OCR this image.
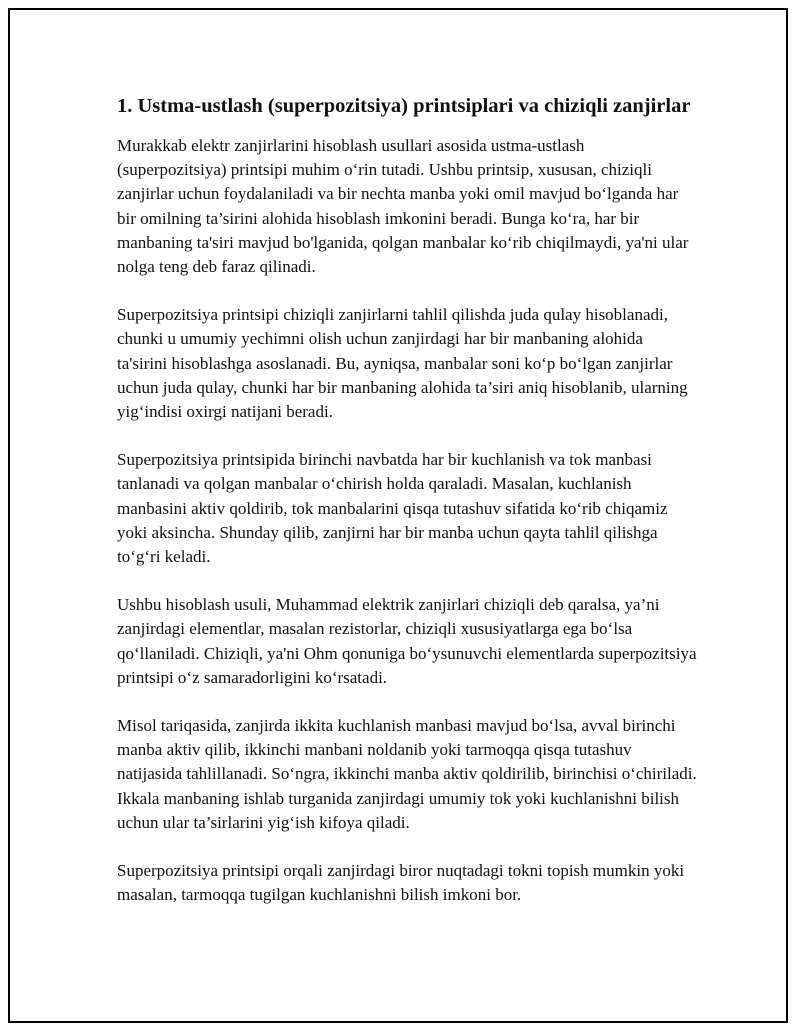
1. Ustma-ustlash (superpozitsiya) printsiplari va chiziqli zanjirlar

Murakkab elektr zanjirlarini hisoblash usullari asosida ustma-ustlash (superpozitsiya) printsipi muhim o‘rin tutadi. Ushbu printsip, xususan, chiziqli zanjirlar uchun foydalaniladi va bir nechta manba yoki omil mavjud bo‘lganda har bir omilning ta’sirini alohida hisoblash imkonini beradi. Bunga ko‘ra, har bir manbaning ta'siri mavjud bo'lganida, qolgan manbalar ko‘rib chiqilmaydi, ya'ni ular nolga teng deb faraz qilinadi.

Superpozitsiya printsipi chiziqli zanjirlarni tahlil qilishda juda qulay hisoblanadi, chunki u umumiy yechimni olish uchun zanjirdagi har bir manbaning alohida ta'sirini hisoblashga asoslanadi. Bu, ayniqsa, manbalar soni ko‘p bo‘lgan zanjirlar uchun juda qulay, chunki har bir manbaning alohida ta’siri aniq hisoblanib, ularning yig‘indisi oxirgi natijani beradi.

Superpozitsiya printsipida birinchi navbatda har bir kuchlanish va tok manbasi tanlanadi va qolgan manbalar o‘chirish holda qaraladi. Masalan, kuchlanish manbasini aktiv qoldirib, tok manbalarini qisqa tutashuv sifatida ko‘rib chiqamiz yoki aksincha. Shunday qilib, zanjirni har bir manba uchun qayta tahlil qilishga to‘g‘ri keladi.

Ushbu hisoblash usuli, Muhammad elektrik zanjirlari chiziqli deb qaralsa, ya’ni zanjirdagi elementlar, masalan rezistorlar, chiziqli xususiyatlarga ega bo‘lsa qo‘llaniladi. Chiziqli, ya'ni Ohm qonuniga bo‘ysunuvchi elementlarda superpozitsiya printsipi o‘z samaradorligini ko‘rsatadi.

Misol tariqasida, zanjirda ikkita kuchlanish manbasi mavjud bo‘lsa, avval birinchi manba aktiv qilib, ikkinchi manbani noldanib yoki tarmoqqa qisqa tutashuv natijasida tahlillanadi. So‘ngra, ikkinchi manba aktiv qoldirilib, birinchisi o‘chiriladi. Ikkala manbaning ishlab turganida zanjirdagi umumiy tok yoki kuchlanishni bilish uchun ular ta’sirlarini yig‘ish kifoya qiladi.

Superpozitsiya printsipi orqali zanjirdagi biror nuqtadagi tokni topish mumkin yoki masalan, tarmoqqa tugilgan kuchlanishni bilish imkoni bor.
